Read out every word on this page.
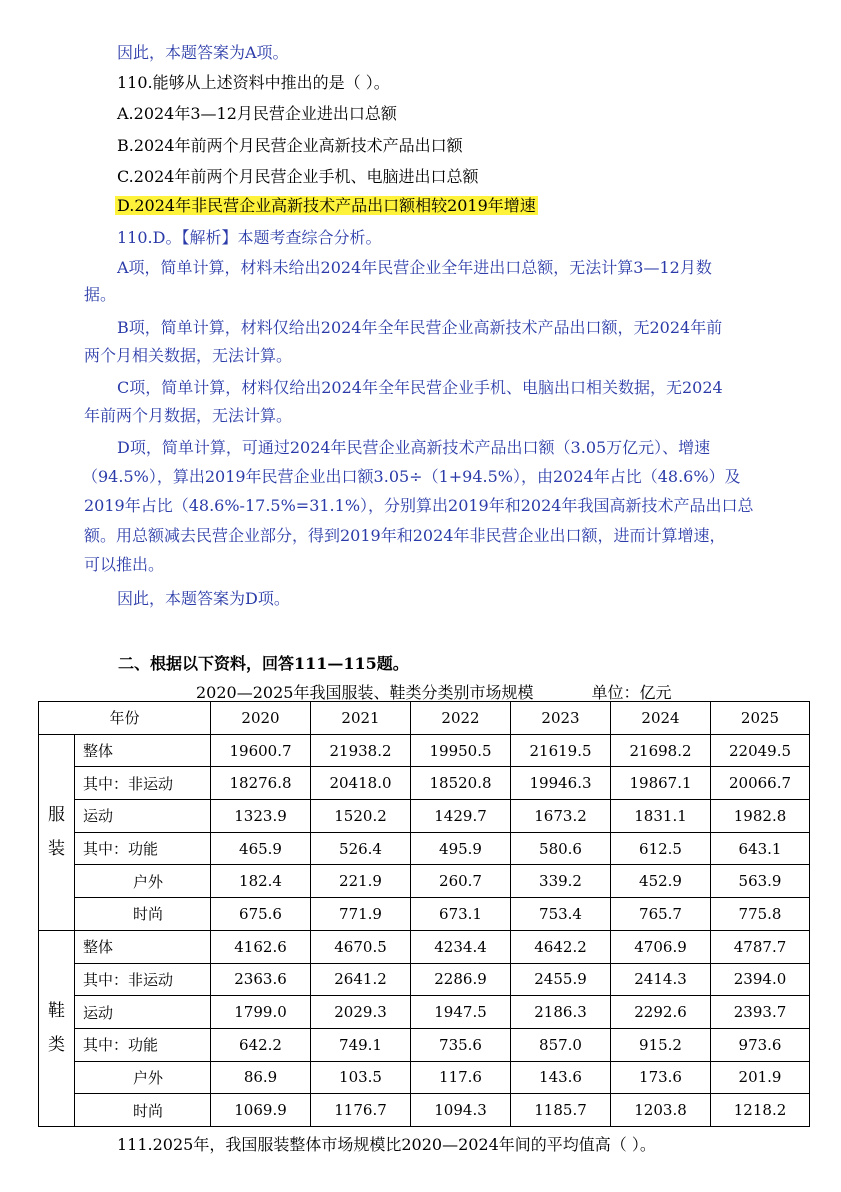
因此，本题答案为A项。
110.能够从上述资料中推出的是（ ）。
A.2024年3—12月民营企业进出口总额
B.2024年前两个月民营企业高新技术产品出口额
C.2024年前两个月民营企业手机、电脑进出口总额
D.2024年非民营企业高新技术产品出口额相较2019年增速
110.D。【解析】本题考查综合分析。
A项，简单计算，材料未给出2024年民营企业全年进出口总额，无法计算3—12月数
据。
B项，简单计算，材料仅给出2024年全年民营企业高新技术产品出口额，无2024年前
两个月相关数据，无法计算。
C项，简单计算，材料仅给出2024年全年民营企业手机、电脑出口相关数据，无2024
年前两个月数据，无法计算。
D项，简单计算，可通过2024年民营企业高新技术产品出口额（3.05万亿元）、增速
（94.5%），算出2019年民营企业出口额3.05÷（1+94.5%），由2024年占比（48.6%）及
2019年占比（48.6%-17.5%=31.1%），分别算出2019年和2024年我国高新技术产品出口总
额。用总额减去民营企业部分，得到2019年和2024年非民营企业出口额，进而计算增速，
可以推出。
因此，本题答案为D项。
二、根据以下资料，回答111—115题。
2020—2025年我国服装、鞋类分类别市场规模	单位：亿元
年份		2020	2021	2022	2023	2024	2025

服
装	整体	19600.7	21938.2	19950.5	21619.5	21698.2	22049.5
	其中：非运动	18276.8	20418.0	18520.8	19946.3	19867.1	20066.7
	运动	1323.9	1520.2	1429.7	1673.2	1831.1	1982.8
	其中：功能	465.9	526.4	495.9	580.6	612.5	643.1
	户外	182.4	221.9	260.7	339.2	452.9	563.9
	时尚	675.6	771.9	673.1	753.4	765.7	775.8

鞋
类	整体	4162.6	4670.5	4234.4	4642.2	4706.9	4787.7
	其中：非运动	2363.6	2641.2	2286.9	2455.9	2414.3	2394.0
	运动	1799.0	2029.3	1947.5	2186.3	2292.6	2393.7
	其中：功能	642.2	749.1	735.6	857.0	915.2	973.6
	户外	86.9	103.5	117.6	143.6	173.6	201.9
	时尚	1069.9	1176.7	1094.3	1185.7	1203.8	1218.2
111.2025年，我国服装整体市场规模比2020—2024年间的平均值高（ ）。
